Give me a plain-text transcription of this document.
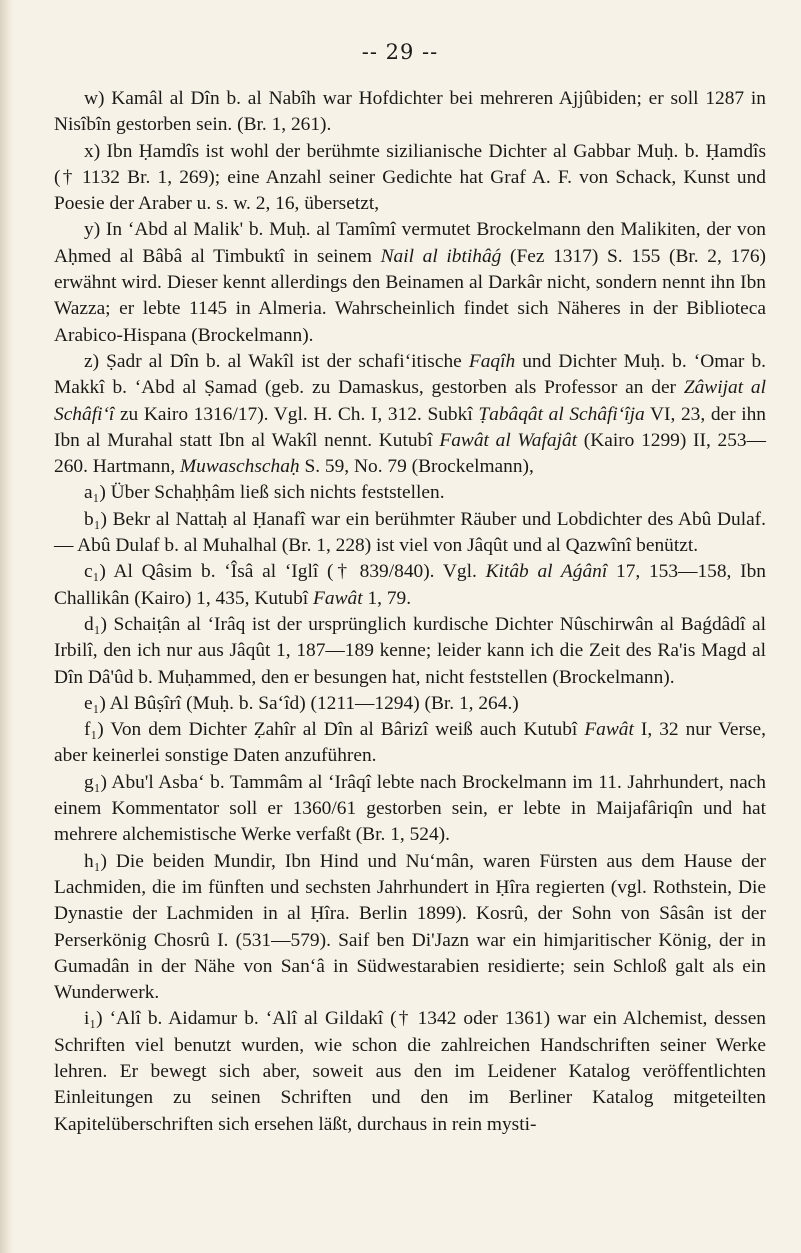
-- 29 --

w) Kamâl al Dîn b. al Nabîh war Hofdichter bei mehreren Ajjûbiden; er soll 1287 in Nisîbîn gestorben sein. (Br. 1, 261).

x) Ibn Ḥamdîs ist wohl der berühmte sizilianische Dichter al Gabbar Muḥ. b. Ḥamdîs († 1132 Br. 1, 269); eine Anzahl seiner Gedichte hat Graf A. F. von Schack, Kunst und Poesie der Araber u. s. w. 2, 16, übersetzt,

y) In ʻAbd al Malik' b. Muḥ. al Tamîmî vermutet Brockelmann den Malikiten, der von Aḥmed al Bâbâ al Timbuktî in seinem Nail al ibtihâǵ (Fez 1317) S. 155 (Br. 2, 176) erwähnt wird. Dieser kennt allerdings den Beinamen al Darkâr nicht, sondern nennt ihn Ibn Wazza; er lebte 1145 in Almeria. Wahrscheinlich findet sich Näheres in der Biblioteca Arabico-Hispana (Brockelmann).

z) Ṣadr al Dîn b. al Wakîl ist der schafiʻitische Faqîh und Dichter Muḥ. b. ʻOmar b. Makkî b. ʻAbd al Ṣamad (geb. zu Damaskus, gestorben als Professor an der Zâwijat al Schâfiʻî zu Kairo 1316/17). Vgl. H. Ch. I, 312. Subkî Ṭabâqât al Schâfiʻîja VI, 23, der ihn Ibn al Murahal statt Ibn al Wakîl nennt. Kutubî Fawât al Wafajât (Kairo 1299) II, 253—260. Hartmann, Muwaschschaḥ S. 59, No. 79 (Brockelmann),

a₁) Über Schaḥḥâm ließ sich nichts feststellen.

b₁) Bekr al Nattaḥ al Ḥanafî war ein berühmter Räuber und Lobdichter des Abû Dulaf. — Abû Dulaf b. al Muhalhal (Br. 1, 228) ist viel von Jâqût und al Qazwînî benützt.

c₁) Al Qâsim b. ʻÎsâ al ʻIglî († 839/840). Vgl. Kitâb al Aǵânî 17, 153—158, Ibn Challikân (Kairo) 1, 435, Kutubî Fawât 1, 79.

d₁) Schaiṭân al ʻIrâq ist der ursprünglich kurdische Dichter Nûschirwân al Baǵdâdî al Irbilî, den ich nur aus Jâqût 1, 187—189 kenne; leider kann ich die Zeit des Ra'is Magd al Dîn Dâ'ûd b. Muḥammed, den er besungen hat, nicht feststellen (Brockelmann).

e₁) Al Bûṣîrî (Muḥ. b. Saʻîd) (1211—1294) (Br. 1, 264.)

f₁) Von dem Dichter Ẓahîr al Dîn al Bârizî weiß auch Kutubî Fawât I, 32 nur Verse, aber keinerlei sonstige Daten anzuführen.

g₁) Abu'l Asbaʻ b. Tammâm al ʻIrâqî lebte nach Brockelmann im 11. Jahrhundert, nach einem Kommentator soll er 1360/61 gestorben sein, er lebte in Maijafâriqîn und hat mehrere alchemistische Werke verfaßt (Br. 1, 524).

h₁) Die beiden Mundir, Ibn Hind und Nuʻmân, waren Fürsten aus dem Hause der Lachmiden, die im fünften und sechsten Jahrhundert in Ḥîra regierten (vgl. Rothstein, Die Dynastie der Lachmiden in al Ḥîra. Berlin 1899). Kosrû, der Sohn von Sâsân ist der Perserkönig Chosrû I. (531—579). Saif ben Di'Jazn war ein himjaritischer König, der in Gumadân in der Nähe von Sanʻâ in Südwestarabien residierte; sein Schloß galt als ein Wunderwerk.

i₁) ʻAlî b. Aidamur b. ʻAlî al Gildakî († 1342 oder 1361) war ein Alchemist, dessen Schriften viel benutzt wurden, wie schon die zahlreichen Handschriften seiner Werke lehren. Er bewegt sich aber, soweit aus den im Leidener Katalog veröffentlichten Einleitungen zu seinen Schriften und den im Berliner Katalog mitgeteilten Kapitelüberschriften sich ersehen läßt, durchaus in rein mysti-
